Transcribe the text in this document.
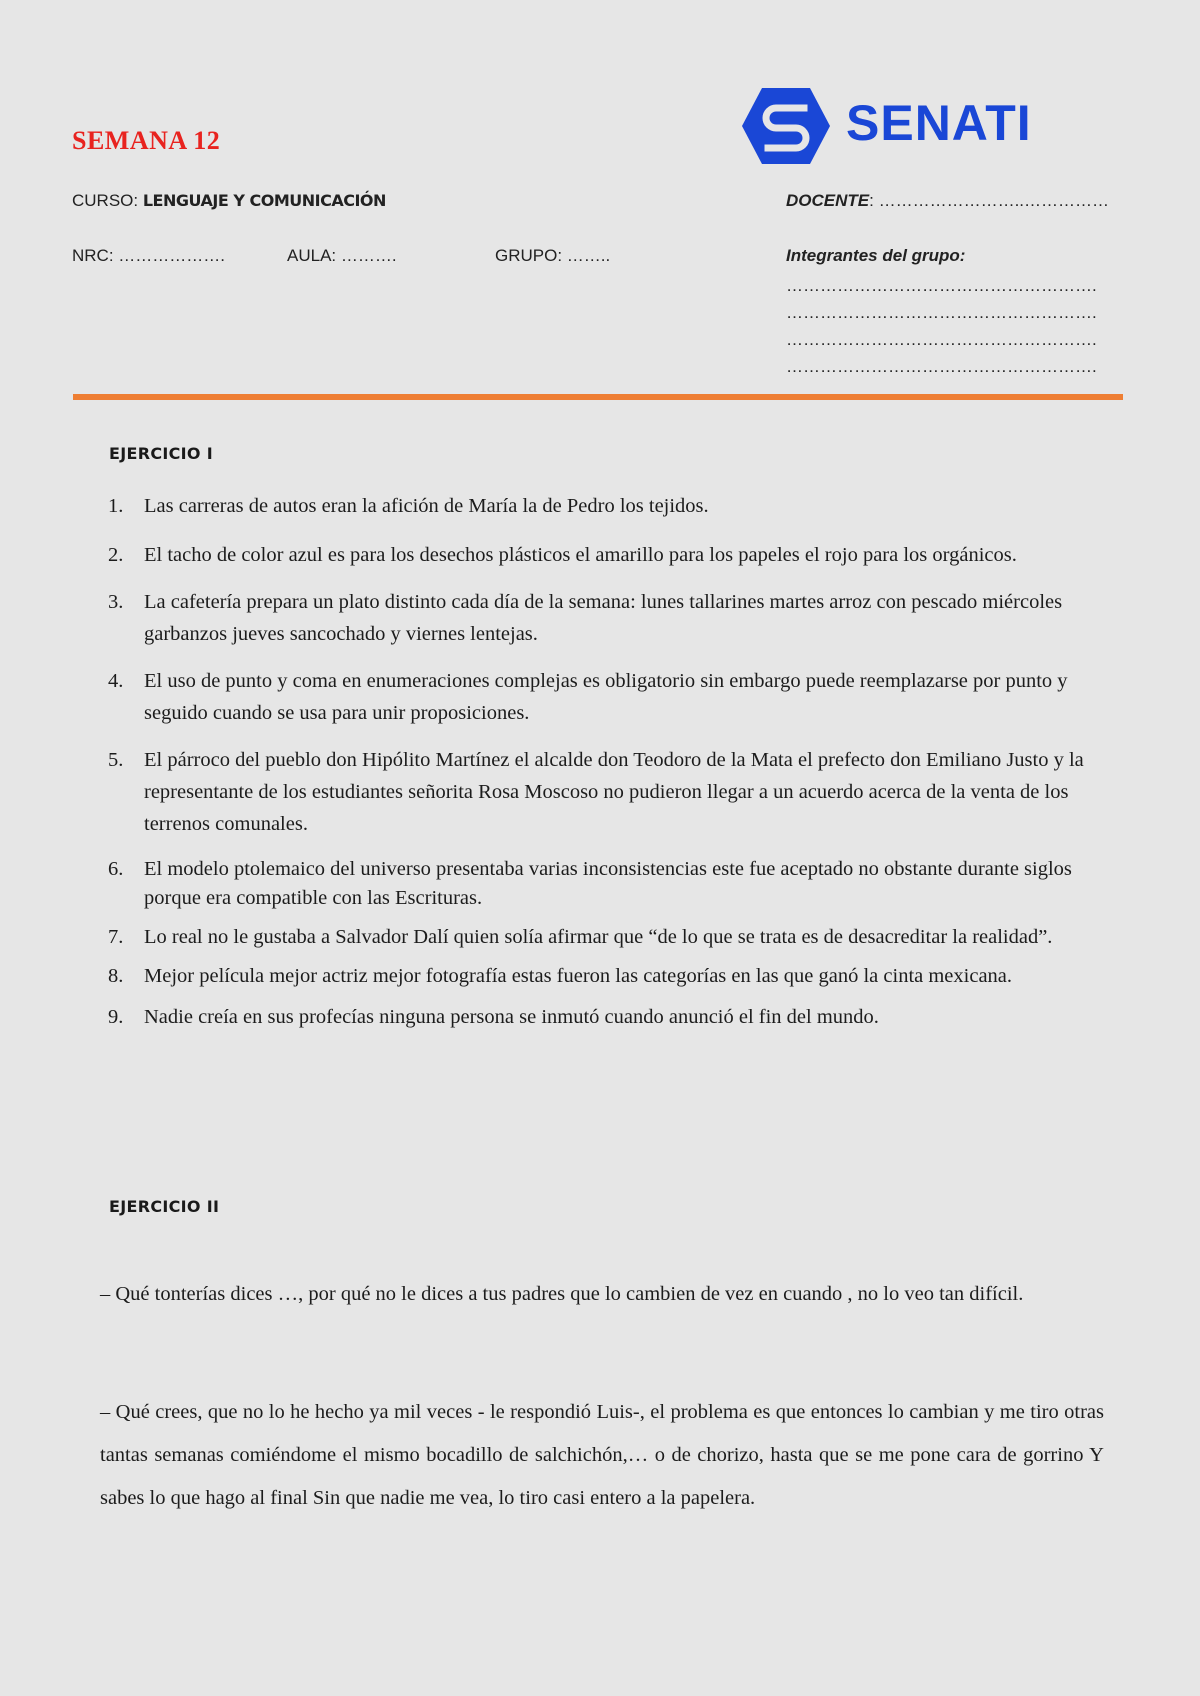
SEMANA 12	SENATI
CURSO: LENGUAJE Y COMUNICACIÓN	DOCENTE: ……………………..……………
NRC: ……………….	AULA: ……….	GRUPO: ……..	Integrantes del grupo:
……………………………………………….
……………………………………………….
……………………………………………….
……………………………………………….
EJERCICIO I
1. Las carreras de autos eran la afición de María la de Pedro los tejidos.
2. El tacho de color azul es para los desechos plásticos el amarillo para los papeles el rojo para los orgánicos.
3. La cafetería prepara un plato distinto cada día de la semana: lunes tallarines martes arroz con pescado miércoles garbanzos jueves sancochado y viernes lentejas.
4. El uso de punto y coma en enumeraciones complejas es obligatorio sin embargo puede reemplazarse por punto y seguido cuando se usa para unir proposiciones.
5. El párroco del pueblo don Hipólito Martínez el alcalde don Teodoro de la Mata el prefecto don Emiliano Justo y la representante de los estudiantes señorita Rosa Moscoso no pudieron llegar a un acuerdo acerca de la venta de los terrenos comunales.
6. El modelo ptolemaico del universo presentaba varias inconsistencias este fue aceptado no obstante durante siglos porque era compatible con las Escrituras.
7. Lo real no le gustaba a Salvador Dalí quien solía afirmar que “de lo que se trata es de desacreditar la realidad”.
8. Mejor película mejor actriz mejor fotografía estas fueron las categorías en las que ganó la cinta mexicana.
9. Nadie creía en sus profecías ninguna persona se inmutó cuando anunció el fin del mundo.
EJERCICIO II
– Qué tonterías dices …, por qué no le dices a tus padres que lo cambien de vez en cuando , no lo veo tan difícil.
– Qué crees, que no lo he hecho ya mil veces - le respondió Luis-, el problema es que entonces lo cambian y me tiro otras tantas semanas comiéndome el mismo bocadillo de salchichón,… o de chorizo, hasta que se me pone cara de gorrino Y sabes lo que hago al final Sin que nadie me vea, lo tiro casi entero a la papelera.
